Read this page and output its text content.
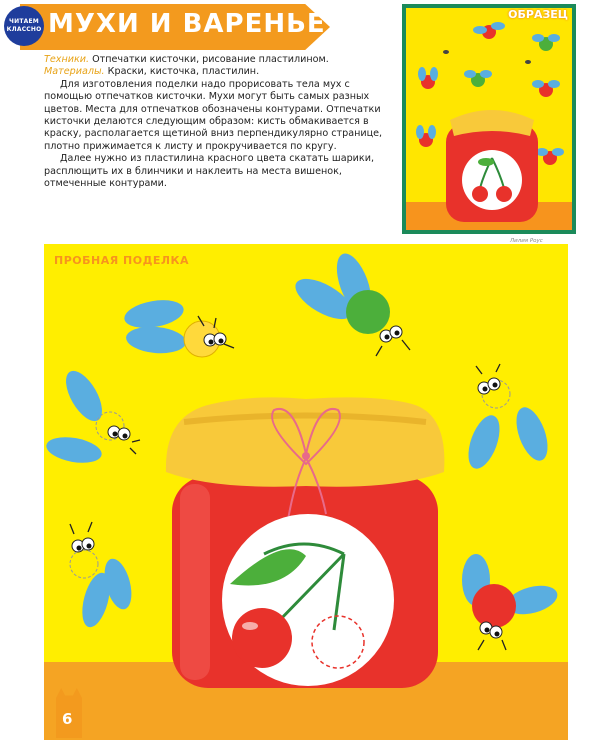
ЧИТАЕМ КЛАССНО МУХИ И ВАРЕНЬЕ

Техники. Отпечатки кисточки, рисование пластилином.

Материалы. Краски, кисточка, пластилин.

Для изготовления поделки надо прорисовать тела мух с помощью отпечатков кисточки. Мухи могут быть самых разных цветов. Места для отпечатков обозначены контурами. Отпечатки кисточки делаются следующим образом: кисть обмакивается в краску, располагается щетиной вниз перпендикулярно странице, плотно прижимается к листу и прокручивается по кругу.

Далее нужно из пластилина красного цвета скатать шарики, расплющить их в блинчики и наклеить на места вишенок, отмеченные контурами.

ОБРАЗЕЦ
Лилия Роус
ПРОБНАЯ ПОДЕЛКА
6
